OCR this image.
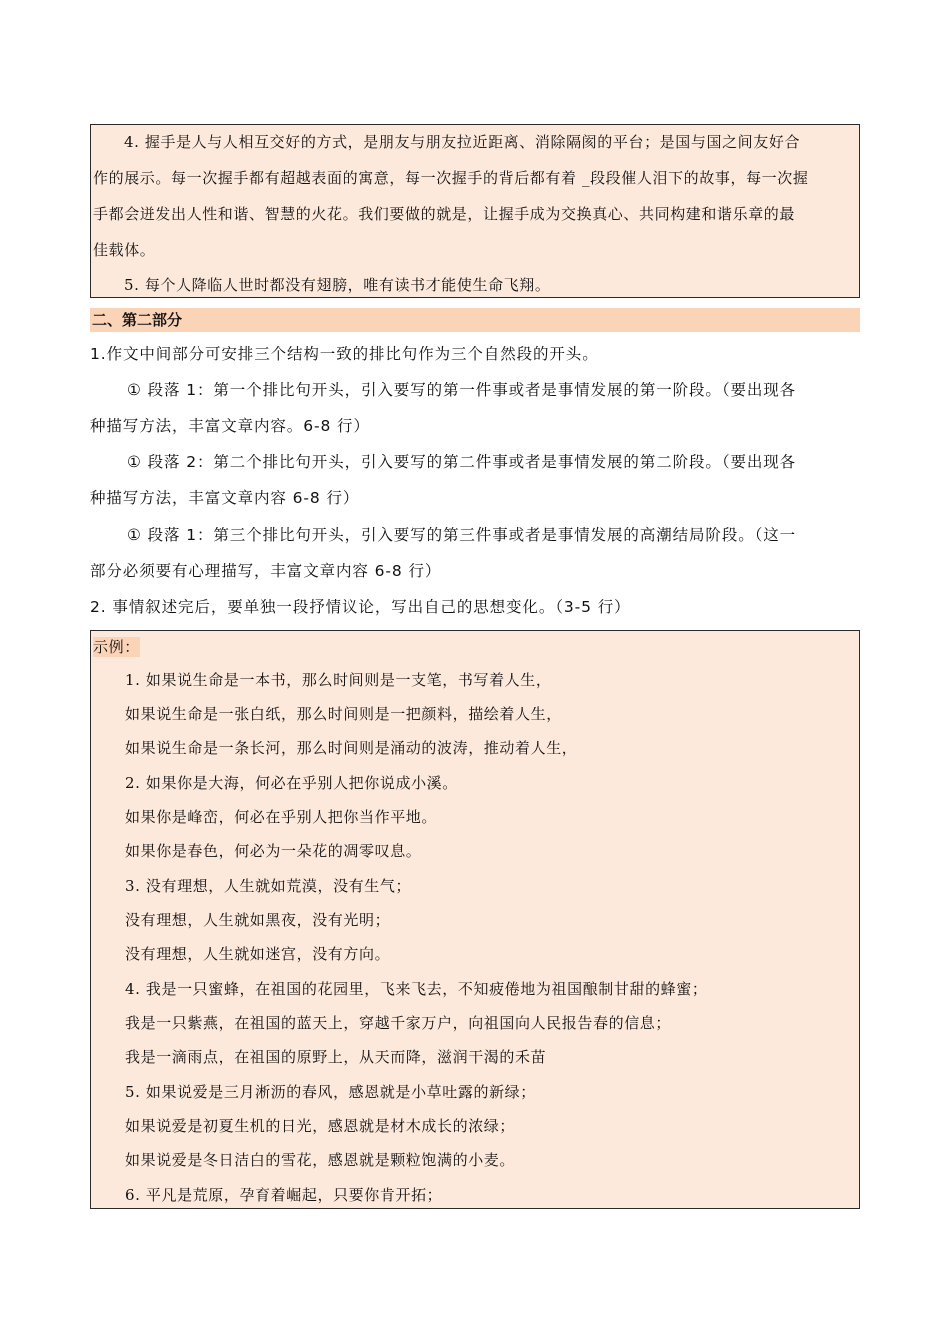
4. 握手是人与人相互交好的方式，是朋友与朋友拉近距离、消除隔阂的平台；是国与国之间友好合
作的展示。每一次握手都有超越表面的寓意，每一次握手的背后都有着 _段段催人泪下的故事，每一次握
手都会迸发出人性和谐、智慧的火花。我们要做的就是，让握手成为交换真心、共同构建和谐乐章的最
佳载体。
5. 每个人降临人世时都没有翅膀，唯有读书才能使生命飞翔。
二、第二部分
1.作文中间部分可安排三个结构一致的排比句作为三个自然段的开头。
① 段落 1：第一个排比句开头，引入要写的第一件事或者是事情发展的第一阶段。（要出现各
种描写方法，丰富文章内容。6-8 行）
① 段落 2：第二个排比句开头，引入要写的第二件事或者是事情发展的第二阶段。（要出现各
种描写方法，丰富文章内容 6-8 行）
① 段落 1：第三个排比句开头，引入要写的第三件事或者是事情发展的高潮结局阶段。（这一
部分必须要有心理描写，丰富文章内容 6-8 行）
2. 事情叙述完后，要单独一段抒情议论，写出自己的思想变化。（3-5 行）
示例：
1. 如果说生命是一本书，那么时间则是一支笔，书写着人生，
如果说生命是一张白纸，那么时间则是一把颜料，描绘着人生，
如果说生命是一条长河，那么时间则是涌动的波涛，推动着人生，
2. 如果你是大海，何必在乎别人把你说成小溪。
如果你是峰峦，何必在乎别人把你当作平地。
如果你是春色，何必为一朵花的凋零叹息。
3. 没有理想，人生就如荒漠，没有生气；
没有理想，人生就如黑夜，没有光明；
没有理想，人生就如迷宫，没有方向。
4. 我是一只蜜蜂，在祖国的花园里，飞来飞去，不知疲倦地为祖国酿制甘甜的蜂蜜；
我是一只紫燕，在祖国的蓝天上，穿越千家万户，向祖国向人民报告春的信息；
我是一滴雨点，在祖国的原野上，从天而降，滋润干渴的禾苗
5. 如果说爱是三月淅沥的春风，感恩就是小草吐露的新绿；
如果说爱是初夏生机的日光，感恩就是材木成长的浓绿；
如果说爱是冬日洁白的雪花，感恩就是颗粒饱满的小麦。
6. 平凡是荒原，孕育着崛起，只要你肯开拓；
